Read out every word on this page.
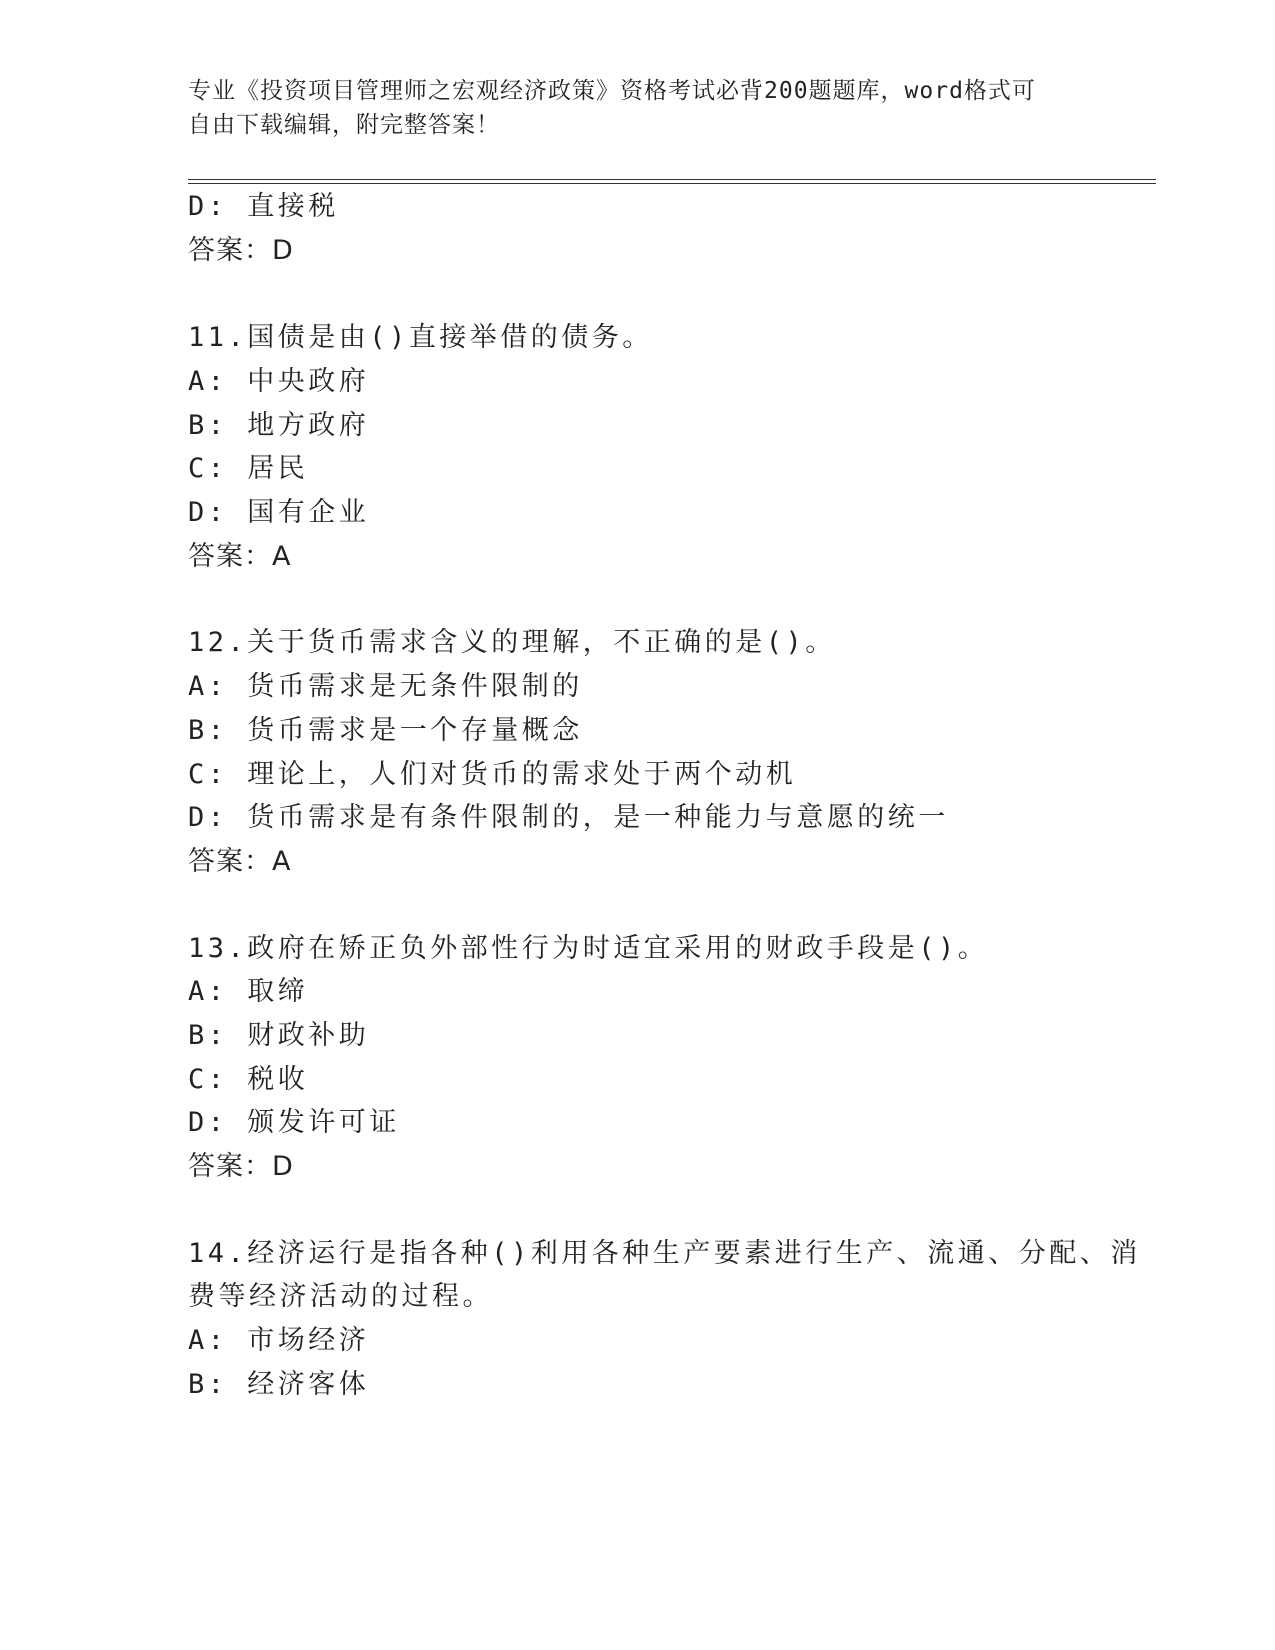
专业《投资项目管理师之宏观经济政策》资格考试必背200题题库，word格式可
自由下载编辑，附完整答案！
D: 直接税
答案：D
11.国债是由()直接举借的债务。
A: 中央政府
B: 地方政府
C: 居民
D: 国有企业
答案：A
12.关于货币需求含义的理解，不正确的是()。
A: 货币需求是无条件限制的
B: 货币需求是一个存量概念
C: 理论上，人们对货币的需求处于两个动机
D: 货币需求是有条件限制的，是一种能力与意愿的统一
答案：A
13.政府在矫正负外部性行为时适宜采用的财政手段是()。
A: 取缔
B: 财政补助
C: 税收
D: 颁发许可证
答案：D
14.经济运行是指各种()利用各种生产要素进行生产、流通、分配、消
费等经济活动的过程。
A: 市场经济
B: 经济客体
